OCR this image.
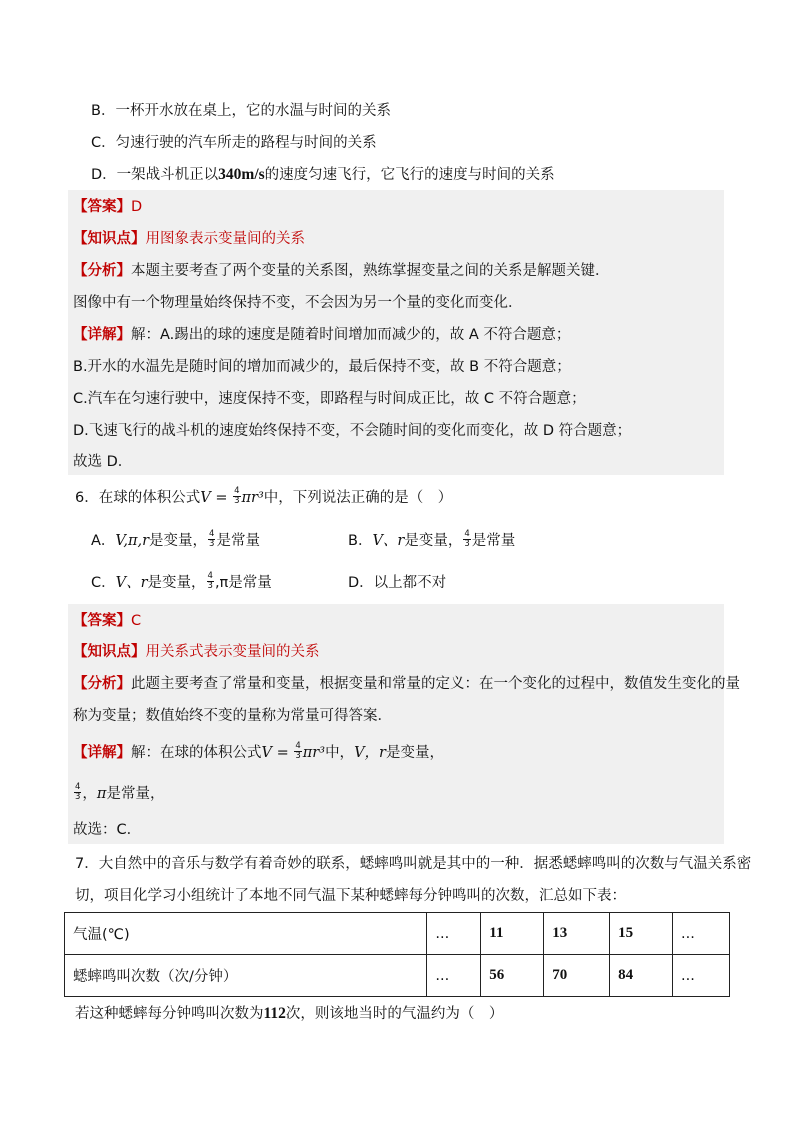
B．一杯开水放在桌上，它的水温与时间的关系
C．匀速行驶的汽车所走的路程与时间的关系
D．一架战斗机正以340m/s的速度匀速飞行，它飞行的速度与时间的关系
【答案】D
【知识点】用图象表示变量间的关系
【分析】本题主要考查了两个变量的关系图，熟练掌握变量之间的关系是解题关键．
图像中有一个物理量始终保持不变，不会因为另一个量的变化而变化．
【详解】解：A.踢出的球的速度是随着时间增加而减少的，故 A 不符合题意；
B.开水的水温先是随时间的增加而减少的，最后保持不变，故 B 不符合题意；
C.汽车在匀速行驶中，速度保持不变，即路程与时间成正比，故 C 不符合题意；
D.飞速飞行的战斗机的速度始终保持不变，不会随时间的变化而变化，故 D 符合题意；
故选 D．
6．在球的体积公式$V = \frac{4}{3} \pi r^3$中，下列说法正确的是（　）
A．V,π,r是变量， $\frac{4}{3}$ 是常量	B．V、r是变量， $\frac{4}{3}$ 是常量
C．V、r是变量， $\frac{4}{3} ,\pi$是常量	D．以上都不对
【答案】C
【知识点】用关系式表示变量间的关系
【分析】此题主要考查了常量和变量，根据变量和常量的定义：在一个变化的过程中，数值发生变化的量
称为变量；数值始终不变的量称为常量可得答案．
【详解】解：在球的体积公式$V = \frac{4}{3} \pi r^3$中，V，r是变量，
$\frac{4}{3}$ ，π是常量，
故选：C．
7．大自然中的音乐与数学有着奇妙的联系，蟋蟀鸣叫就是其中的一种．据悉蟋蟀鸣叫的次数与气温关系密
切，项目化学习小组统计了本地不同气温下某种蟋蟀每分钟鸣叫的次数，汇总如下表：
气温(℃)	...	11	13	15	...
蟋蟀鸣叫次数（次/分钟）	...	56	70	84	...
若这种蟋蟀每分钟鸣叫次数为112次，则该地当时的气温约为（　）
